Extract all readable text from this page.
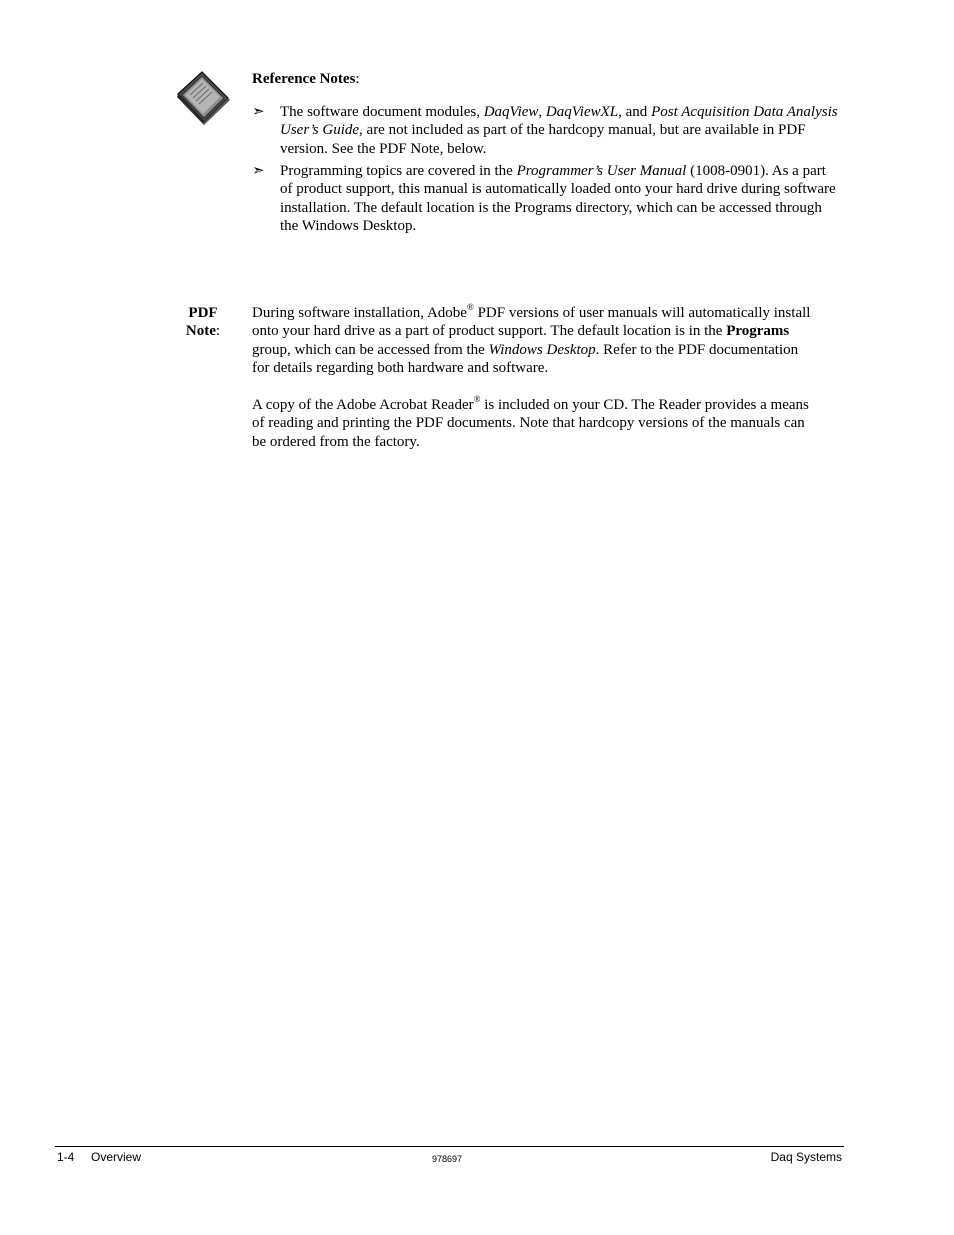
Reference Notes:
➣ The software document modules, DaqView, DaqViewXL, and Post Acquisition Data Analysis User’s Guide, are not included as part of the hardcopy manual, but are available in PDF version. See the PDF Note, below.
➣ Programming topics are covered in the Programmer’s User Manual (1008-0901). As a part of product support, this manual is automatically loaded onto your hard drive during software installation. The default location is the Programs directory, which can be accessed through the Windows Desktop.
PDF
Note:
During software installation, Adobe® PDF versions of user manuals will automatically install onto your hard drive as a part of product support. The default location is in the Programs group, which can be accessed from the Windows Desktop. Refer to the PDF documentation for details regarding both hardware and software.
A copy of the Adobe Acrobat Reader® is included on your CD. The Reader provides a means of reading and printing the PDF documents. Note that hardcopy versions of the manuals can be ordered from the factory.
1-4 Overview	978697	Daq Systems
